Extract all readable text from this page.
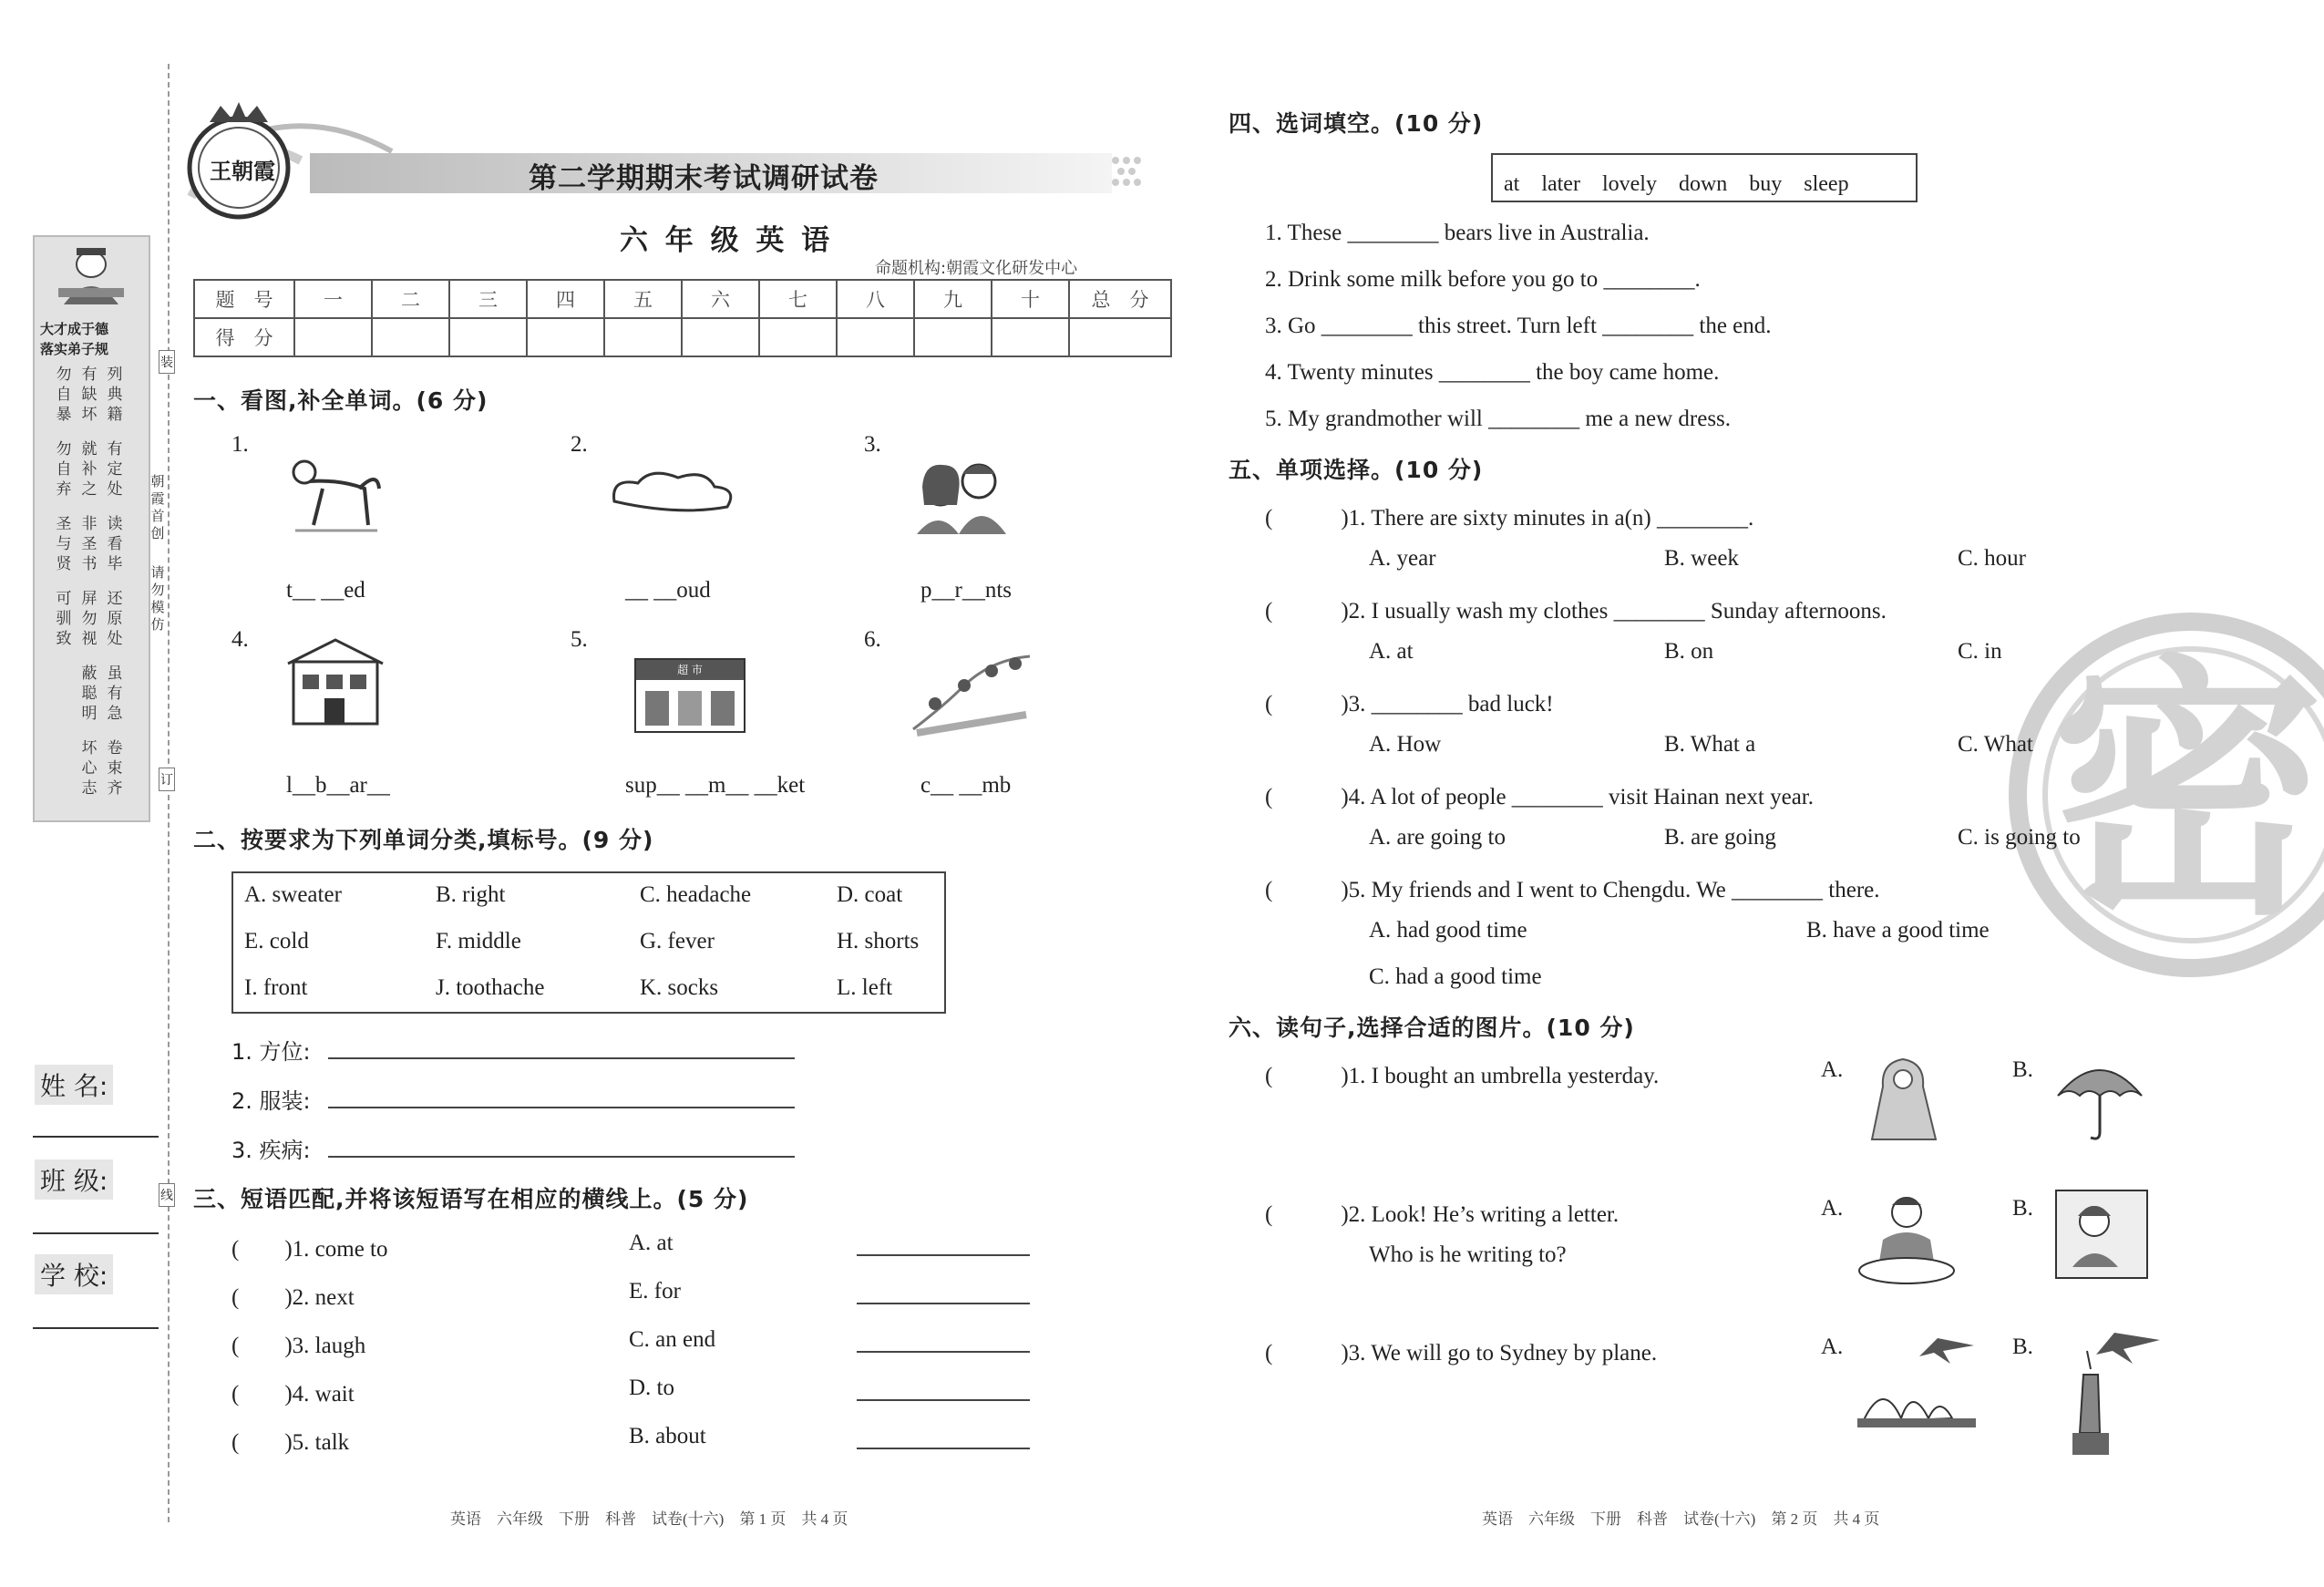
大才成于德
落实弟子规
勿自暴
有缺坏
列典籍
勿自弃
就补之
有定处
圣与贤
非圣书
读看毕
可驯致
屏勿视
还原处
蔽聪明
虽有急
坏心志
卷束齐
朝霞首创
请勿模仿
装
订
线
姓 名:
班 级:
学 校:
王朝霞	第二学期期末考试调研试卷
六 年 级 英 语
命题机构:朝霞文化研发中心
题　号	一	二	三	四	五	六	七	八	九	十	总　分
得　分											
一、看图,补全单词。(6 分)
1.
t__ __ed
2.
__ __oud
3.
p__r__nts
4.
l__b__ar__
5.
超 市
sup__ __m__ __ket
6.
c__ __mb
二、按要求为下列单词分类,填标号。(9 分)
A. sweater	B. right	C. headache	D. coat
E. cold	F. middle	G. fever	H. shorts
I. front	J. toothache	K. socks	L. left
1. 方位:
2. 服装:
3. 疾病:
三、短语匹配,并将该短语写在相应的横线上。(5 分)
(　　)1. come to	A. at
(　　)2. next	E. for
(　　)3. laugh	C. an end
(　　)4. wait	D. to
(　　)5. talk	B. about
英语　六年级　下册　科普　试卷(十六)　第 1 页　共 4 页
密
四、选词填空。(10 分)
at　later　lovely　down　buy　sleep
1. These ________ bears live in Australia.
2. Drink some milk before you go to ________.
3. Go ________ this street. Turn left ________ the end.
4. Twenty minutes ________ the boy came home.
5. My grandmother will ________ me a new dress.
五、单项选择。(10 分)
(　　　)1. There are sixty minutes in a(n) ________.
A. year	B. week	C. hour
(　　　)2. I usually wash my clothes ________ Sunday afternoons.
A. at	B. on	C. in
(　　　)3. ________ bad luck!
A. How	B. What a	C. What
(　　　)4. A lot of people ________ visit Hainan next year.
A. are going to	B. are going	C. is going to
(　　　)5. My friends and I went to Chengdu. We ________ there.
A. had good time	B. have a good time
C. had a good time
六、读句子,选择合适的图片。(10 分)
(　　　)1. I bought an umbrella yesterday.	A.	B.
(　　　)2. Look! He’s writing a letter.
Who is he writing to?
A.	B.
(　　　)3. We will go to Sydney by plane.	A.	B.
英语　六年级　下册　科普　试卷(十六)　第 2 页　共 4 页
